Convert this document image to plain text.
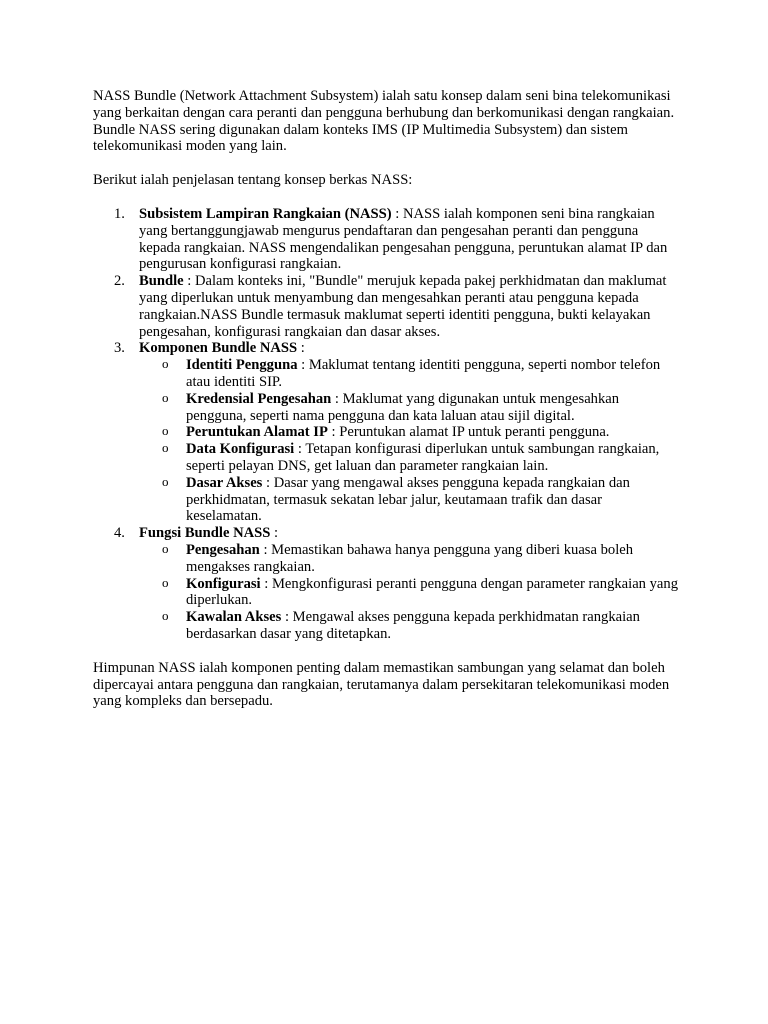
NASS Bundle (Network Attachment Subsystem) ialah satu konsep dalam seni bina telekomunikasi yang berkaitan dengan cara peranti dan pengguna berhubung dan berkomunikasi dengan rangkaian. Bundle NASS sering digunakan dalam konteks IMS (IP Multimedia Subsystem) dan sistem telekomunikasi moden yang lain.

Berikut ialah penjelasan tentang konsep berkas NASS:

1. Subsistem Lampiran Rangkaian (NASS) : NASS ialah komponen seni bina rangkaian yang bertanggungjawab mengurus pendaftaran dan pengesahan peranti dan pengguna kepada rangkaian. NASS mengendalikan pengesahan pengguna, peruntukan alamat IP dan pengurusan konfigurasi rangkaian.
2. Bundle : Dalam konteks ini, "Bundle" merujuk kepada pakej perkhidmatan dan maklumat yang diperlukan untuk menyambung dan mengesahkan peranti atau pengguna kepada rangkaian.NASS Bundle termasuk maklumat seperti identiti pengguna, bukti kelayakan pengesahan, konfigurasi rangkaian dan dasar akses.
3. Komponen Bundle NASS :
o Identiti Pengguna : Maklumat tentang identiti pengguna, seperti nombor telefon atau identiti SIP.
o Kredensial Pengesahan : Maklumat yang digunakan untuk mengesahkan pengguna, seperti nama pengguna dan kata laluan atau sijil digital.
o Peruntukan Alamat IP : Peruntukan alamat IP untuk peranti pengguna.
o Data Konfigurasi : Tetapan konfigurasi diperlukan untuk sambungan rangkaian, seperti pelayan DNS, get laluan dan parameter rangkaian lain.
o Dasar Akses : Dasar yang mengawal akses pengguna kepada rangkaian dan perkhidmatan, termasuk sekatan lebar jalur, keutamaan trafik dan dasar keselamatan.
4. Fungsi Bundle NASS :
o Pengesahan : Memastikan bahawa hanya pengguna yang diberi kuasa boleh mengakses rangkaian.
o Konfigurasi : Mengkonfigurasi peranti pengguna dengan parameter rangkaian yang diperlukan.
o Kawalan Akses : Mengawal akses pengguna kepada perkhidmatan rangkaian berdasarkan dasar yang ditetapkan.

Himpunan NASS ialah komponen penting dalam memastikan sambungan yang selamat dan boleh dipercayai antara pengguna dan rangkaian, terutamanya dalam persekitaran telekomunikasi moden yang kompleks dan bersepadu.
